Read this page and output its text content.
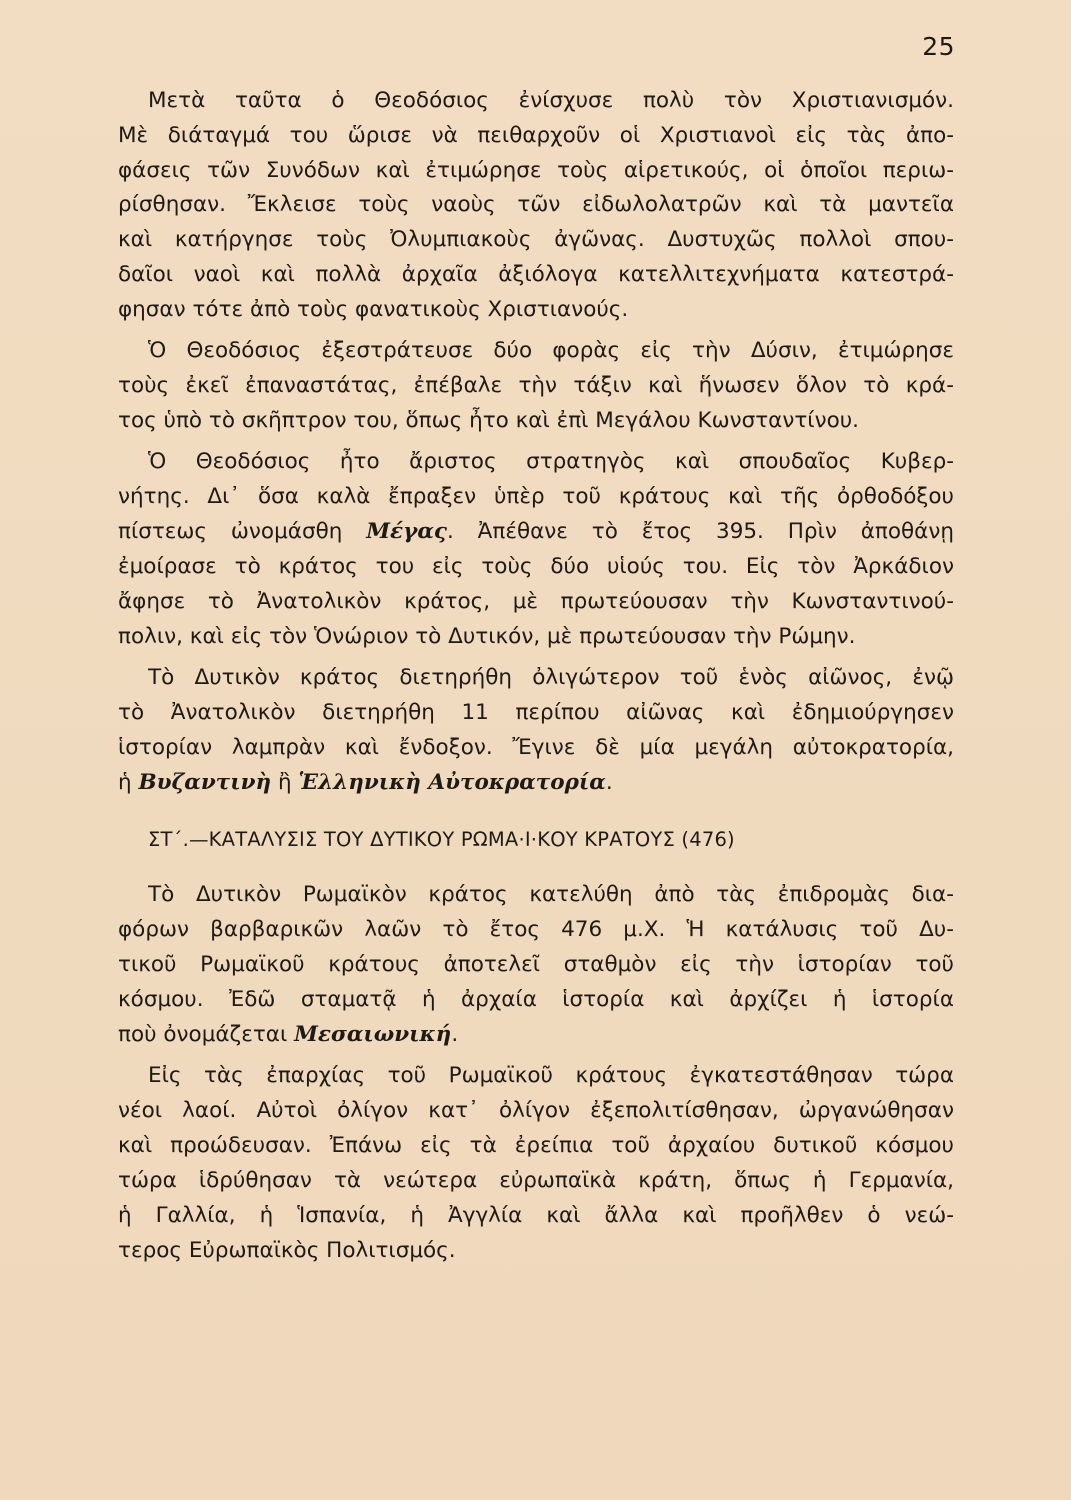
25
Μετὰ ταῦτα ὁ Θεοδόσιος ἐνίσχυσε πολὺ τὸν Χριστιανισμόν.
Μὲ διάταγμά του ὥρισε νὰ πειθαρχοῦν οἱ Χριστιανοὶ εἰς τὰς ἀπο-
φάσεις τῶν Συνόδων καὶ ἐτιμώρησε τοὺς αἱρετικούς, οἱ ὁποῖοι περιω-
ρίσθησαν. Ἔκλεισε τοὺς ναοὺς τῶν εἰδωλολατρῶν καὶ τὰ μαντεῖα
καὶ κατήργησε τοὺς Ὀλυμπιακοὺς ἀγῶνας. Δυστυχῶς πολλοὶ σπου-
δαῖοι ναοὶ καὶ πολλὰ ἀρχαῖα ἀξιόλογα κατελλιτεχνήματα κατεστρά-
φησαν τότε ἀπὸ τοὺς φανατικοὺς Χριστιανούς.
Ὁ Θεοδόσιος ἐξεστράτευσε δύο φορὰς εἰς τὴν Δύσιν, ἐτιμώρησε
τοὺς ἐκεῖ ἐπαναστάτας, ἐπέβαλε τὴν τάξιν καὶ ἥνωσεν ὅλον τὸ κρά-
τος ὑπὸ τὸ σκῆπτρον του, ὅπως ἦτο καὶ ἐπὶ Μεγάλου Κωνσταντίνου.
Ὁ Θεοδόσιος ἦτο ἄριστος στρατηγὸς καὶ σπουδαῖος Κυβερ-
νήτης. Δι᾽ ὅσα καλὰ ἔπραξεν ὑπὲρ τοῦ κράτους καὶ τῆς ὀρθοδόξου
πίστεως ὠνομάσθη Μέγας. Ἀπέθανε τὸ ἔτος 395. Πρὶν ἀποθάνῃ
ἐμοίρασε τὸ κράτος του εἰς τοὺς δύο υἱούς του. Εἰς τὸν Ἀρκάδιον
ἄφησε τὸ Ἀνατολικὸν κράτος, μὲ πρωτεύουσαν τὴν Κωνσταντινού-
πολιν, καὶ εἰς τὸν Ὁνώριον τὸ Δυτικόν, μὲ πρωτεύουσαν τὴν Ρώμην.
Τὸ Δυτικὸν κράτος διετηρήθη ὀλιγώτερον τοῦ ἑνὸς αἰῶνος, ἐνῷ
τὸ Ἀνατολικὸν διετηρήθη 11 περίπου αἰῶνας καὶ ἐδημιούργησεν
ἱστορίαν λαμπρὰν καὶ ἔνδοξον. Ἔγινε δὲ μία μεγάλη αὐτοκρατορία,
ἡ Βυζαντινὴ ἢ Ἑλληνικὴ Αὐτοκρατορία.
ΣΤ΄.—ΚΑΤΑΛΥΣΙΣ ΤΟΥ ΔΥΤΙΚΟΥ ΡΩΜΑ·Ι·ΚΟΥ ΚΡΑΤΟΥΣ (476)
Τὸ Δυτικὸν Ρωμαϊκὸν κράτος κατελύθη ἀπὸ τὰς ἐπιδρομὰς δια-
φόρων βαρβαρικῶν λαῶν τὸ ἔτος 476 μ.Χ. Ἡ κατάλυσις τοῦ Δυ-
τικοῦ Ρωμαϊκοῦ κράτους ἀποτελεῖ σταθμὸν εἰς τὴν ἱστορίαν τοῦ
κόσμου. Ἐδῶ σταματᾷ ἡ ἀρχαία ἱστορία καὶ ἀρχίζει ἡ ἱστορία
ποὺ ὀνομάζεται Μεσαιωνική.
Εἰς τὰς ἐπαρχίας τοῦ Ρωμαϊκοῦ κράτους ἐγκατεστάθησαν τώρα
νέοι λαοί. Αὐτοὶ ὀλίγον κατ᾽ ὀλίγον ἐξεπολιτίσθησαν, ὠργανώθησαν
καὶ προώδευσαν. Ἐπάνω εἰς τὰ ἐρείπια τοῦ ἀρχαίου δυτικοῦ κόσμου
τώρα ἱδρύθησαν τὰ νεώτερα εὐρωπαϊκὰ κράτη, ὅπως ἡ Γερμανία,
ἡ Γαλλία, ἡ Ἱσπανία, ἡ Ἀγγλία καὶ ἄλλα καὶ προῆλθεν ὁ νεώ-
τερος Εὐρωπαϊκὸς Πολιτισμός.
